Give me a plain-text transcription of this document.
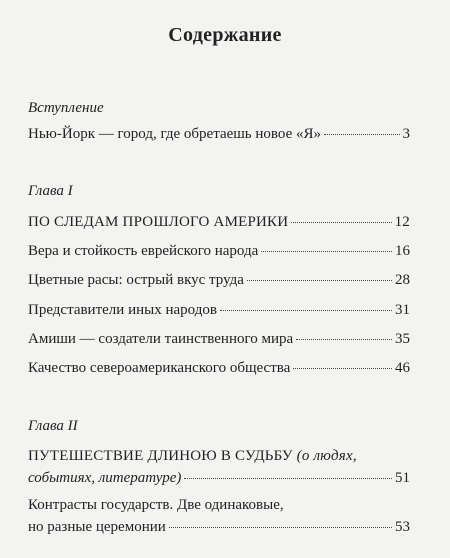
Содержание
Вступление
Нью-Йорк — город, где обретаешь новое «Я»	3
Глава I
ПО СЛЕДАМ ПРОШЛОГО АМЕРИКИ	12
Вера и стойкость еврейского народа	16
Цветные расы: острый вкус труда	28
Представители иных народов	31
Амиши — создатели таинственного мира	35
Качество североамериканского общества	46
Глава II
ПУТЕШЕСТВИЕ ДЛИНОЮ В СУДЬБУ (о людях,
событиях, литературе)	51
Контрасты государств. Две одинаковые,
но разные церемонии	53
